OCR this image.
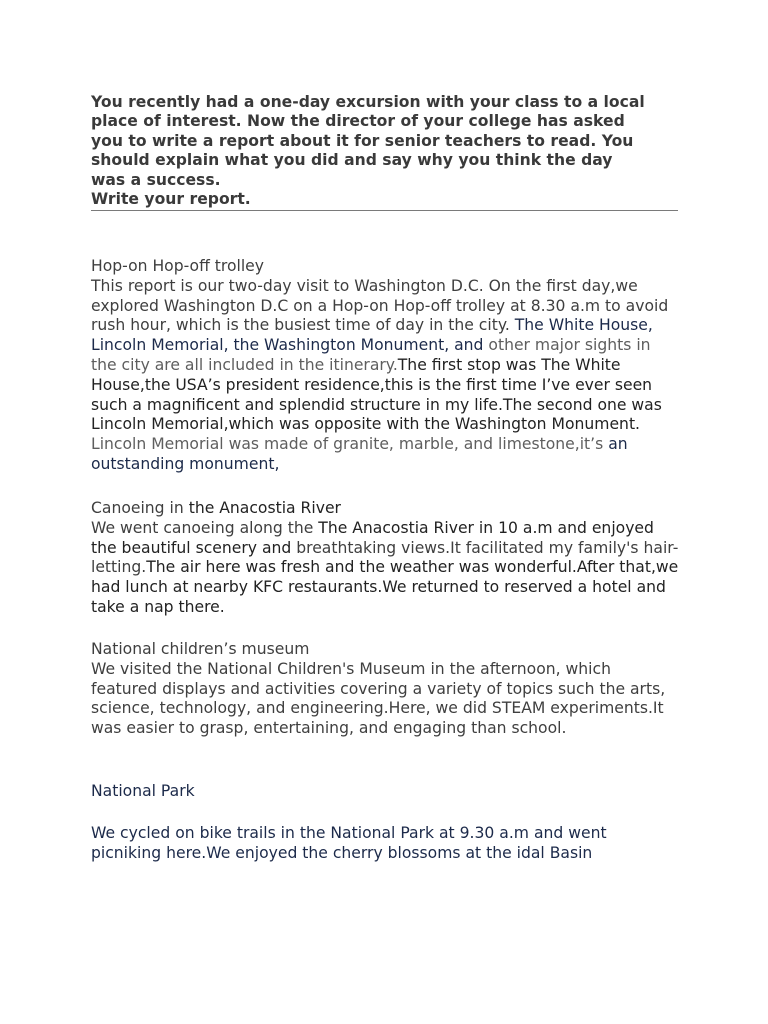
You recently had a one-day excursion with your class to a local

place of interest. Now the director of your college has asked

you to write a report about it for senior teachers to read. You

should explain what you did and say why you think the day

was a success.

Write your report.

Hop-on Hop-off trolley

This report is our two-day visit to Washington D.C. On the first day,we explored Washington D.C on a Hop-on Hop-off trolley at 8.30 a.m to avoid rush hour, which is the busiest time of day in the city. The White House, Lincoln Memorial, the Washington Monument, and other major sights in the city are all included in the itinerary.The first stop was The White House,the USA’s president residence,this is the first time I’ve ever seen such a magnificent and splendid structure in my life.The second one was Lincoln Memorial,which was opposite with the Washington Monument. Lincoln Memorial was made of granite, marble, and limestone,it’s an outstanding monument,

Canoeing in the Anacostia River

We went canoeing along the The Anacostia River in 10 a.m and enjoyed the beautiful scenery and breathtaking views.It facilitated my family's hair-letting.The air here was fresh and the weather was wonderful.After that,we had lunch at nearby KFC restaurants.We returned to reserved a hotel and take a nap there.

National children’s museum

We visited the National Children's Museum in the afternoon, which featured displays and activities covering a variety of topics such the arts, science, technology, and engineering.Here, we did STEAM experiments.It was easier to grasp, entertaining, and engaging than school.

National Park

We cycled on bike trails in the National Park at 9.30 a.m and went picniking here.We enjoyed the cherry blossoms at the idal Basin
